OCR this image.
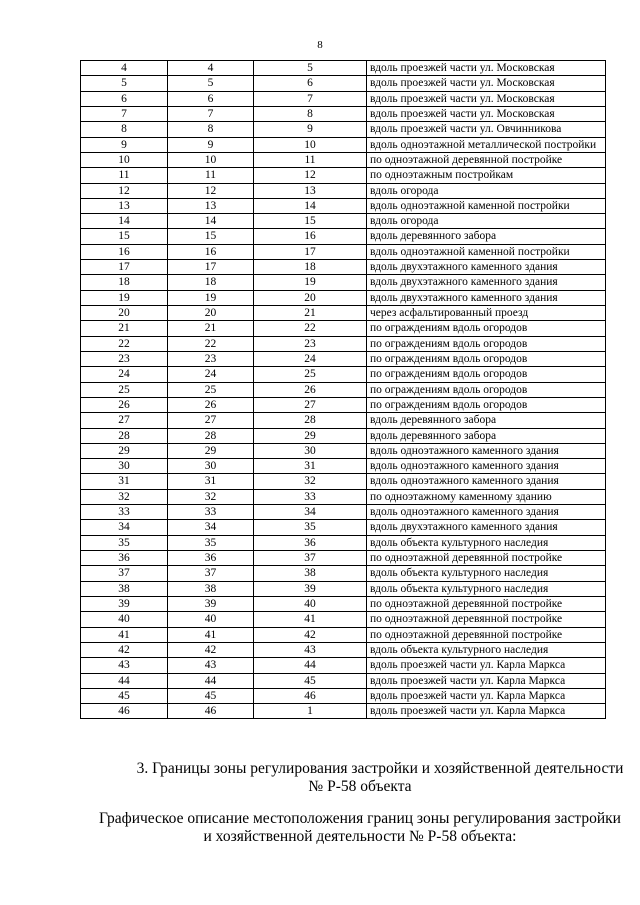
8
4	4	5	вдоль проезжей части ул. Московская
5	5	6	вдоль проезжей части ул. Московская
6	6	7	вдоль проезжей части ул. Московская
7	7	8	вдоль проезжей части ул. Московская
8	8	9	вдоль проезжей части ул. Овчинникова
9	9	10	вдоль одноэтажной металлической постройки
10	10	11	по одноэтажной деревянной постройке
11	11	12	по одноэтажным постройкам
12	12	13	вдоль огорода
13	13	14	вдоль одноэтажной каменной постройки
14	14	15	вдоль огорода
15	15	16	вдоль деревянного забора
16	16	17	вдоль одноэтажной каменной постройки
17	17	18	вдоль двухэтажного каменного здания
18	18	19	вдоль двухэтажного каменного здания
19	19	20	вдоль двухэтажного каменного здания
20	20	21	через асфальтированный проезд
21	21	22	по ограждениям вдоль огородов
22	22	23	по ограждениям вдоль огородов
23	23	24	по ограждениям вдоль огородов
24	24	25	по ограждениям вдоль огородов
25	25	26	по ограждениям вдоль огородов
26	26	27	по ограждениям вдоль огородов
27	27	28	вдоль деревянного забора
28	28	29	вдоль деревянного забора
29	29	30	вдоль одноэтажного каменного здания
30	30	31	вдоль одноэтажного каменного здания
31	31	32	вдоль одноэтажного каменного здания
32	32	33	по одноэтажному каменному зданию
33	33	34	вдоль одноэтажного каменного здания
34	34	35	вдоль двухэтажного каменного здания
35	35	36	вдоль объекта культурного наследия
36	36	37	по одноэтажной деревянной постройке
37	37	38	вдоль объекта культурного наследия
38	38	39	вдоль объекта культурного наследия
39	39	40	по одноэтажной деревянной постройке
40	40	41	по одноэтажной деревянной постройке
41	41	42	по одноэтажной деревянной постройке
42	42	43	вдоль объекта культурного наследия
43	43	44	вдоль проезжей части ул. Карла Маркса
44	44	45	вдоль проезжей части ул. Карла Маркса
45	45	46	вдоль проезжей части ул. Карла Маркса
46	46	1	вдоль проезжей части ул. Карла Маркса
3. Границы зоны регулирования застройки и хозяйственной деятельности
№ Р-58 объекта
Графическое описание местоположения границ зоны регулирования застройки
и хозяйственной деятельности № Р-58 объекта:
